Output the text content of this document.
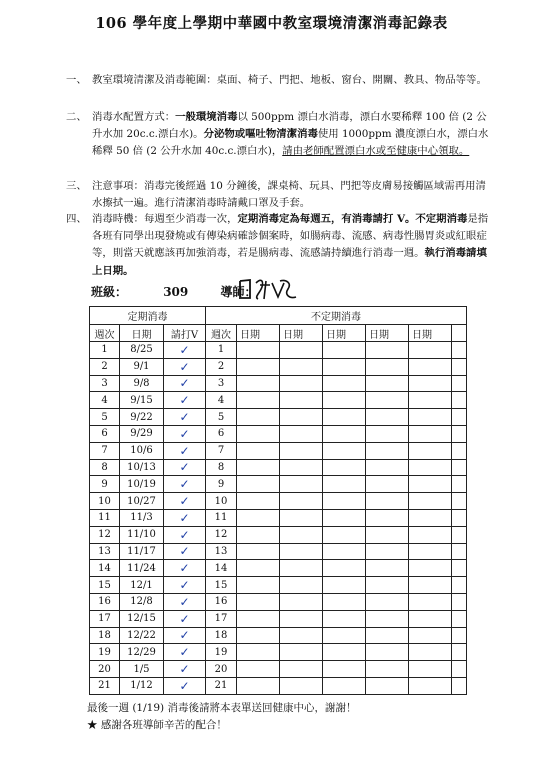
106 學年度上學期中華國中教室環境清潔消毒記錄表
一、 教室環境清潔及消毒範圍：桌面、椅子、門把、地板、窗台、開關、教具、物品等等。
二、 消毒水配置方式：一般環境消毒以 500ppm 漂白水消毒，漂白水要稀釋 100 倍 (2 公升水加 20c.c.漂白水)。分泌物或嘔吐物清潔消毒使用 1000ppm 濃度漂白水，漂白水稀釋 50 倍 (2 公升水加 40c.c.漂白水)，請由老師配置漂白水或至健康中心領取。
三、 注意事項：消毒完後經過 10 分鐘後，課桌椅、玩具、門把等皮膚易接觸區域需再用清水擦拭一遍。進行清潔消毒時請戴口罩及手套。
四、 消毒時機：每週至少消毒一次，定期消毒定為每週五，有消毒請打 V。不定期消毒是指各班有同學出現發燒或有傳染病確診個案時，如腸病毒、流感、病毒性腸胃炎或紅眼症等，則當天就應該再加強消毒，若是腸病毒、流感請持續進行消毒一週。執行消毒請填上日期。
班級：	309	導師：
定期消毒			不定期消毒						
週次	日期	請打V	週次	日期	日期	日期	日期	日期	
1	8/25	✓	1						
2	9/1	✓	2						
3	9/8	✓	3						
4	9/15	✓	4						
5	9/22	✓	5						
6	9/29	✓	6						
7	10/6	✓	7						
8	10/13	✓	8						
9	10/19	✓	9						
10	10/27	✓	10						
11	11/3	✓	11						
12	11/10	✓	12						
13	11/17	✓	13						
14	11/24	✓	14						
15	12/1	✓	15						
16	12/8	✓	16						
17	12/15	✓	17						
18	12/22	✓	18						
19	12/29	✓	19						
20	1/5	✓	20						
21	1/12	✓	21						
最後一週 (1/19) 消毒後請將本表單送回健康中心，謝謝！
★ 感謝各班導師辛苦的配合！
